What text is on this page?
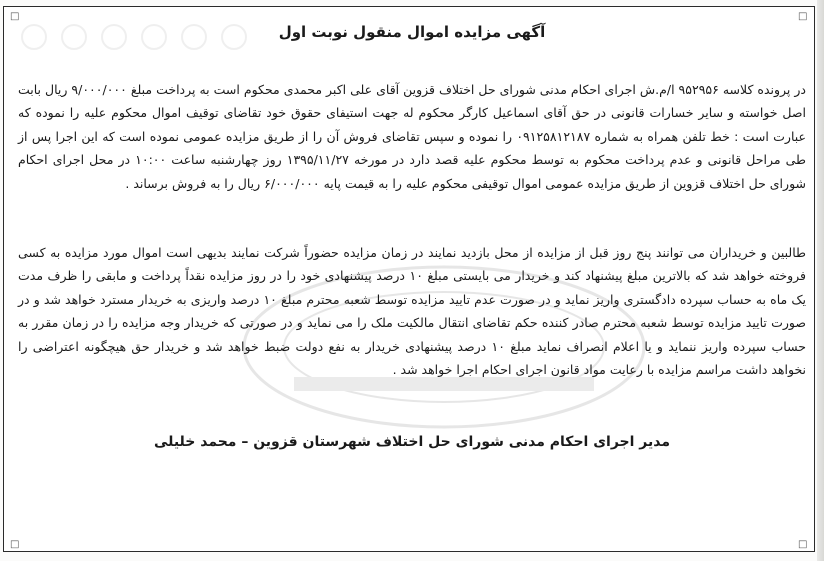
□	□
□	□
آگهی مزایده اموال منقول نوبت اول

در پرونده کلاسه ۹۵۲۹۵۶ ا/م.ش اجرای احکام مدنی شورای حل اختلاف قزوین آقای علی اکبر محمدی محکوم است به پرداخت مبلغ ۹/۰۰۰/۰۰۰ ریال بابت اصل خواسته و سایر خسارات قانونی در حق آقای اسماعیل کارگر محکوم له جهت استیفای حقوق خود تقاضای توقیف اموال محکوم علیه را نموده که عبارت است : خط تلفن همراه به شماره ۰۹۱۲۵۸۱۲۱۸۷ را نموده و سپس تقاضای فروش آن را از طریق مزایده عمومی نموده است که این اجرا پس از طی مراحل قانونی و عدم پرداخت محکوم به توسط محکوم علیه قصد دارد در مورخه ۱۳۹۵/۱۱/۲۷ روز چهارشنبه ساعت ۱۰:۰۰ در محل اجرای احکام شورای حل اختلاف قزوین از طریق مزایده عمومی اموال توقیفی محکوم علیه را به قیمت پایه ۶/۰۰۰/۰۰۰ ریال را به فروش برساند .

طالبین و خریداران می توانند پنج روز قبل از مزایده از محل بازدید نمایند در زمان مزایده حضوراً شرکت نمایند بدیهی است اموال مورد مزایده به کسی فروخته خواهد شد که بالاترین مبلغ پیشنهاد کند و خریدار می بایستی مبلغ ۱۰ درصد پیشنهادی خود را در روز مزایده نقداً پرداخت و مابقی را ظرف مدت یک ماه به حساب سپرده دادگستری واریز نماید و در صورت عدم تایید مزایده توسط شعبه محترم مبلغ ۱۰ درصد واریزی به خریدار مسترد خواهد شد و در صورت تایید مزایده توسط شعبه محترم صادر کننده حکم تقاضای انتقال مالکیت ملک را می نماید و در صورتی که خریدار وجه مزایده را در زمان مقرر به حساب سپرده واریز ننماید و یا اعلام انصراف نماید مبلغ ۱۰ درصد پیشنهادی خریدار به نفع دولت ضبط خواهد شد و خریدار حق هیچگونه اعتراضی را نخواهد داشت مراسم مزایده با رعایت مواد قانون اجرای احکام اجرا خواهد شد .

مدیر اجرای احکام مدنی شورای حل اختلاف شهرستان قزوین – محمد خلیلی
